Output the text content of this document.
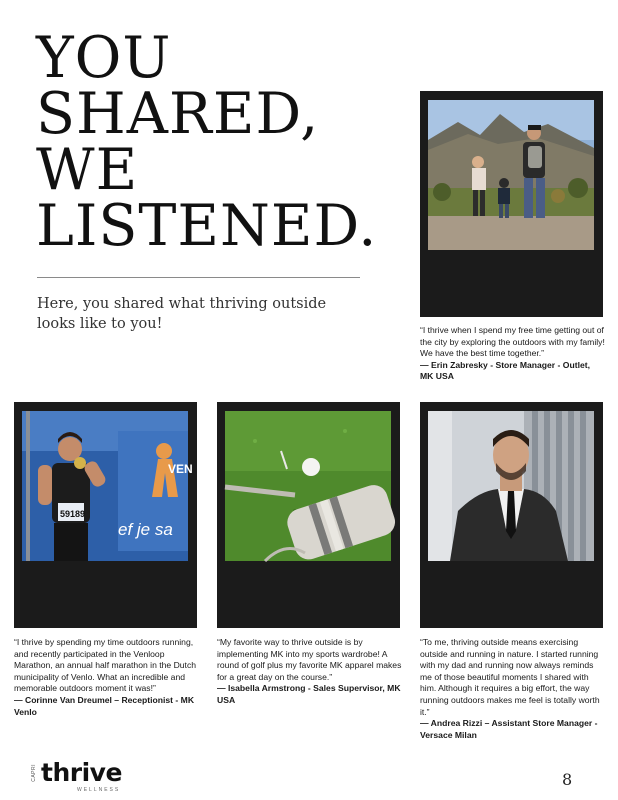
YOU
SHARED,
WE
LISTENED.
Here, you shared what thriving outside looks like to you!	“I thrive when I spend my free time getting out of the city by exploring the outdoors with my family! We have the best time together.”
— Erin Zabresky - Store Manager - Outlet, MK USA
VEN
ef je sa
59189
“I thrive by spending my time outdoors running, and recently participated in the Venloop Marathon, an annual half marathon in the Dutch municipality of Venlo. What an incredible and memorable outdoors moment it was!”
— Corinne Van Dreumel – Receptionist - MK Venlo
“My favorite way to thrive outside is by implementing MK into my sports wardrobe! A round of golf plus my favorite MK apparel makes for a great day on the course.”
— Isabella Armstrong - Sales Supervisor, MK USA
“To me, thriving outside means exercising outside and running in nature. I started running with my dad and running now always reminds me of those beautiful moments I shared with him. Although it requires a big effort, the way running outdoors makes me feel is totally worth it.”
— Andrea Rizzi – Assistant Store Manager - Versace Milan
CAPRI thrive
WELLNESS
8
